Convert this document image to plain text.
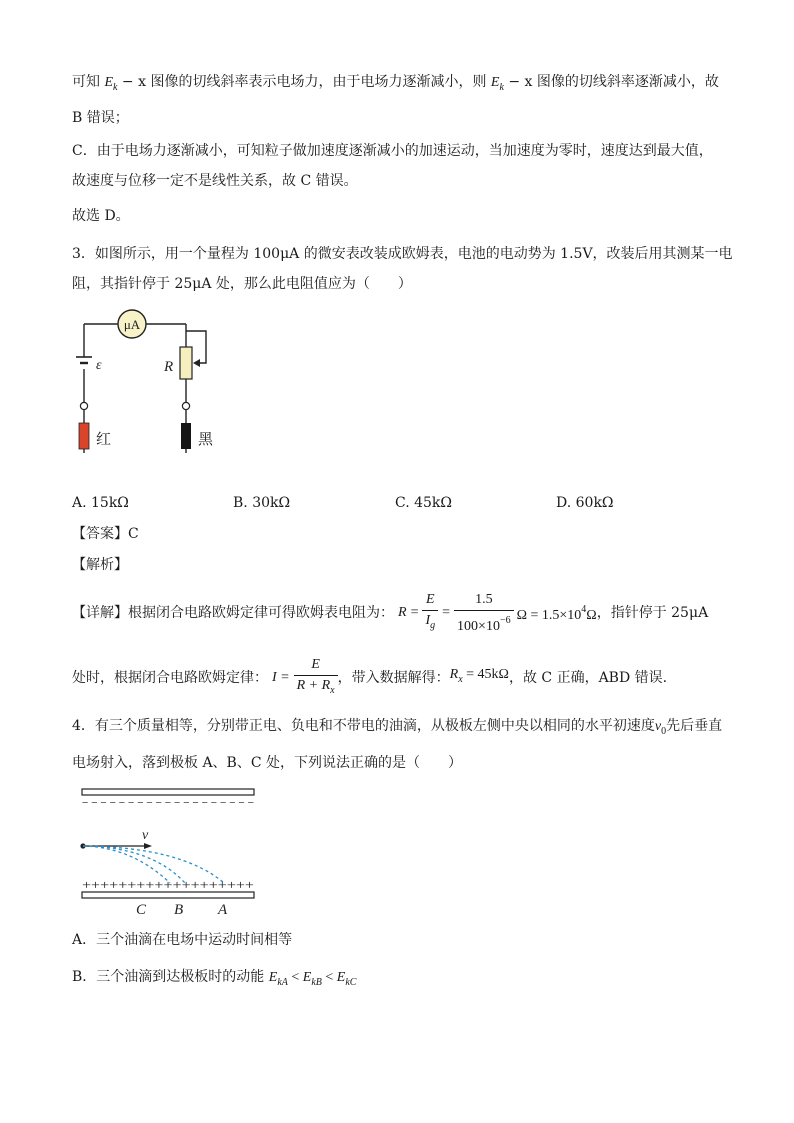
可知 $E_k - x$ 图像的切线斜率表示电场力，由于电场力逐渐减小，则 $E_k - x$ 图像的切线斜率逐渐减小，故
B 错误；
C．由于电场力逐渐减小，可知粒子做加速度逐渐减小的加速运动，当加速度为零时，速度达到最大值，
故速度与位移一定不是线性关系，故 C 错误。
故选 D。
3．如图所示，用一个量程为 100μA 的微安表改装成欧姆表，电池的电动势为 1.5V，改装后用其测某一电
阻，其指针停于 25μA 处，那么此电阻值应为（　　）
μA
ε	R
红	黑
A. 15kΩ	B. 30kΩ	C. 45kΩ	D. 60kΩ
【答案】C
【解析】
【详解】 根据闭合电路欧姆定律可得欧姆表电阻为： $R = \frac{E}{I_g} = \frac{1.5}{100\times 10^{-6}}$ $\Omega = 1.5\times 10^4\Omega$ ，指针停于 25μA
处时，根据闭合电路欧姆定律： $I = \frac{E}{R + R_x}$ ，带入数据解得： $R_x = 45k\Omega$ ，故 C 正确，ABD 错误.
4．有三个质量相等，分别带正电、负电和不带电的油滴，从极板左侧中央以相同的水平初速度$v_0$先后垂直
电场射入，落到极板 A、B、C 处，下列说法正确的是（　　）
− − − − − − − − − − − − − − − − − − −
v
+++++++++++++++++++
C B A
A．三个油滴在电场中运动时间相等
B．三个油滴到达极板时的动能 $E_{kA} < E_{kB} < E_{kC}$
